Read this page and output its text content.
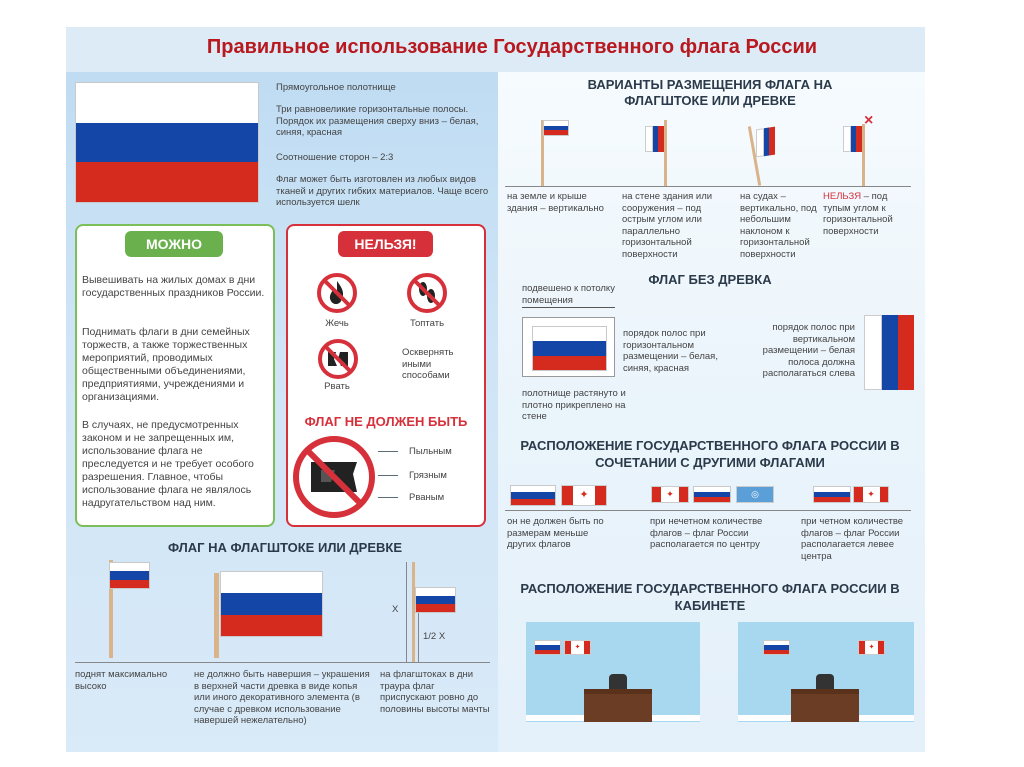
Правильное использование Государственного флага России
Прямоугольное полотнище
Три равновеликие горизонтальные полосы. Порядок их размещения сверху вниз – белая, синяя, красная
Соотношение сторон – 2:3
Флаг может быть изготовлен из любых видов тканей и других гибких материалов. Чаще всего используется шелк
МОЖНО
Вывешивать на жилых домах в дни государственных праздников России.
Поднимать флаги в дни семейных торжеств, а также торжественных мероприятий, проводимых общественными объединениями, предприятиями, учреждениями и организациями.
В случаях, не предусмотренных законом и не запрещенных им, использование флага не преследуется и не требует особого разрешения. Главное, чтобы использование флага не являлось надругательством над ним.
НЕЛЬЗЯ!
Жечь	Топтать
Рвать
Осквернять иными способами
ФЛАГ НЕ ДОЛЖЕН БЫТЬ
Пыльным
Грязным
Рваным
ФЛАГ НА ФЛАГШТОКЕ ИЛИ ДРЕВКЕ
X
1/2 X
поднят максимально высоко
не должно быть навершия – украшения в верхней части древка в виде копья или иного декоративного элемента (в случае с древком использование навершей нежелательно)
на флагштоках в дни траура флаг приспускают ровно до половины высоты мачты
ВАРИАНТЫ РАЗМЕЩЕНИЯ ФЛАГА НА ФЛАГШТОКЕ ИЛИ ДРЕВКЕ
×
на земле и крыше здания – вертикально
на стене здания или сооружения – под острым углом или параллельно горизонтальной поверхности
на судах – вертикально, под небольшим наклоном к горизонтальной поверхности
НЕЛЬЗЯ – под тупым углом к горизонтальной поверхности
ФЛАГ БЕЗ ДРЕВКА
подвешено к потолку помещения
порядок полос при горизонтальном размещении – белая, синяя, красная
полотнище растянуто и плотно прикреплено на стене
порядок полос при вертикальном размещении – белая полоса должна располагаться слева
РАСПОЛОЖЕНИЕ ГОСУДАРСТВЕННОГО ФЛАГА РОССИИ В СОЧЕТАНИИ С ДРУГИМИ ФЛАГАМИ
✦	✦	◎	✦
он не должен быть по размерам меньше других флагов
при нечетном количестве флагов – флаг России располагается по центру
при четном количестве флагов – флаг России располагается левее центра
РАСПОЛОЖЕНИЕ ГОСУДАРСТВЕННОГО ФЛАГА РОССИИ В КАБИНЕТЕ
✦	✦
